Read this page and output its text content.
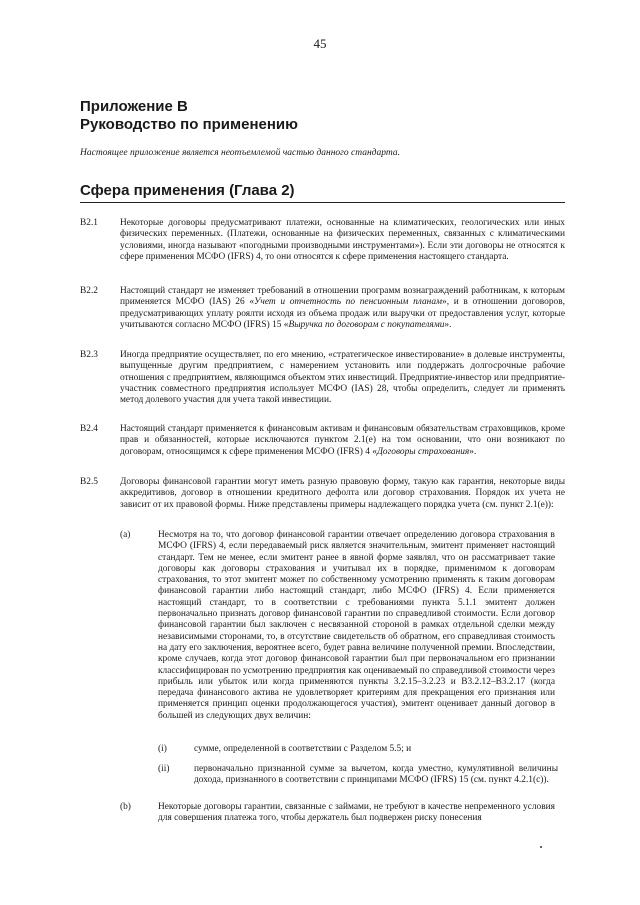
45
Приложение В
Руководство по применению
Настоящее приложение является неотъемлемой частью данного стандарта.
Сфера применения (Глава 2)
B2.1	Некоторые договоры предусматривают платежи, основанные на климатических, геологических или иных физических переменных. (Платежи, основанные на физических переменных, связанных с климатическими условиями, иногда называют «погодными производными инструментами»). Если эти договоры не относятся к сфере применения МСФО (IFRS) 4, то они относятся к сфере применения настоящего стандарта.
B2.2	Настоящий стандарт не изменяет требований в отношении программ вознаграждений работникам, к которым применяется МСФО (IAS) 26 «Учет и отчетность по пенсионным планам», и в отношении договоров, предусматривающих уплату роялти исходя из объема продаж или выручки от предоставления услуг, которые учитываются согласно МСФО (IFRS) 15 «Выручка по договорам с покупателями».
B2.3	Иногда предприятие осуществляет, по его мнению, «стратегическое инвестирование» в долевые инструменты, выпущенные другим предприятием, с намерением установить или поддержать долгосрочные рабочие отношения с предприятием, являющимся объектом этих инвестиций. Предприятие-инвестор или предприятие-участник совместного предприятия использует МСФО (IAS) 28, чтобы определить, следует ли применять метод долевого участия для учета такой инвестиции.
B2.4	Настоящий стандарт применяется к финансовым активам и финансовым обязательствам страховщиков, кроме прав и обязанностей, которые исключаются пунктом 2.1(e) на том основании, что они возникают по договорам, относящимся к сфере применения МСФО (IFRS) 4 «Договоры страхования».
B2.5	Договоры финансовой гарантии могут иметь разную правовую форму, такую как гарантия, некоторые виды аккредитивов, договор в отношении кредитного дефолта или договор страхования. Порядок их учета не зависит от их правовой формы. Ниже представлены примеры надлежащего порядка учета (см. пункт 2.1(e)):
(a)	Несмотря на то, что договор финансовой гарантии отвечает определению договора страхования в МСФО (IFRS) 4, если передаваемый риск является значительным, эмитент применяет настоящий стандарт. Тем не менее, если эмитент ранее в явной форме заявлял, что он рассматривает такие договоры как договоры страхования и учитывал их в порядке, применимом к договорам страхования, то этот эмитент может по собственному усмотрению применять к таким договорам финансовой гарантии либо настоящий стандарт, либо МСФО (IFRS) 4. Если применяется настоящий стандарт, то в соответствии с требованиями пункта 5.1.1 эмитент должен первоначально признать договор финансовой гарантии по справедливой стоимости. Если договор финансовой гарантии был заключен с несвязанной стороной в рамках отдельной сделки между независимыми сторонами, то, в отсутствие свидетельств об обратном, его справедливая стоимость на дату его заключения, вероятнее всего, будет равна величине полученной премии. Впоследствии, кроме случаев, когда этот договор финансовой гарантии был при первоначальном его признании классифицирован по усмотрению предприятия как оцениваемый по справедливой стоимости через прибыль или убыток или когда применяются пункты 3.2.15–3.2.23 и B3.2.12–B3.2.17 (когда передача финансового актива не удовлетворяет критериям для прекращения его признания или применяется принцип оценки продолжающегося участия), эмитент оценивает данный договор в большей из следующих двух величин:
(i)	сумме, определенной в соответствии с Разделом 5.5; и
(ii)	первоначально признанной сумме за вычетом, когда уместно, кумулятивной величины дохода, признанного в соответствии с принципами МСФО (IFRS) 15 (см. пункт 4.2.1(c)).
(b)	Некоторые договоры гарантии, связанные с займами, не требуют в качестве непременного условия для совершения платежа того, чтобы держатель был подвержен риску понесения
